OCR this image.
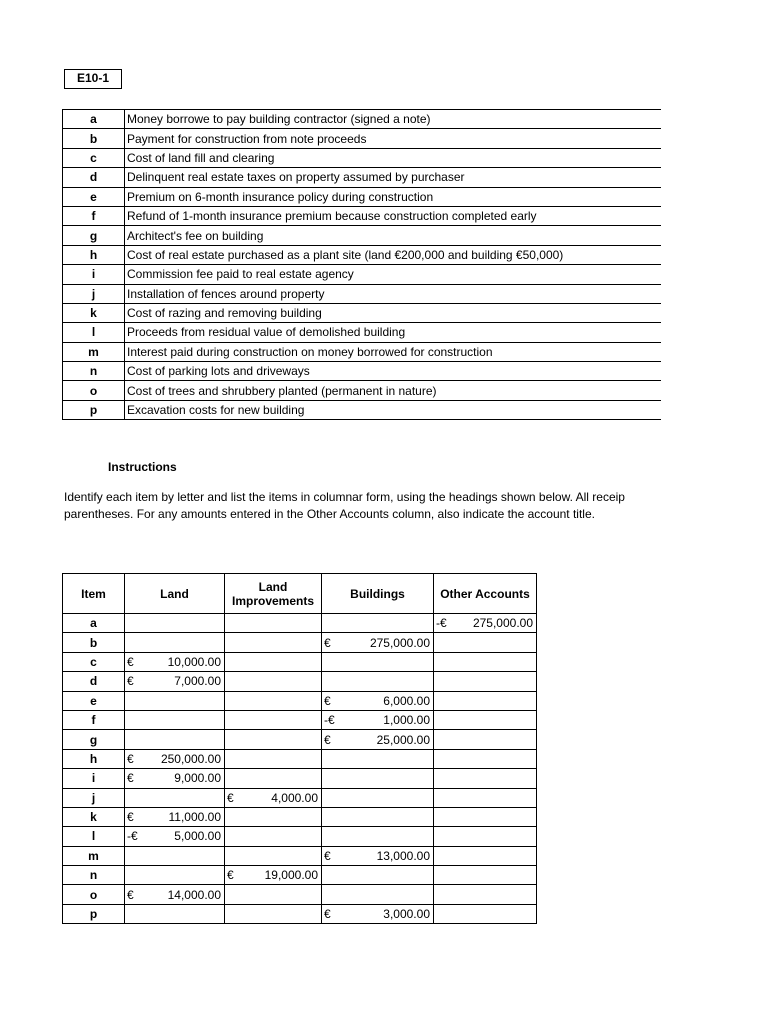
E10-1
a	Money borrowe to pay building contractor (signed a note)
b	Payment for construction from note proceeds
c	Cost of land fill and clearing
d	Delinquent real estate taxes on property assumed by purchaser
e	Premium on 6-month insurance policy during construction
f	Refund of 1-month insurance premium because construction completed early
g	Architect's fee on building
h	Cost of real estate purchased as a plant site (land €200,000 and building €50,000)
i	Commission fee paid to real estate agency
j	Installation of fences around property
k	Cost of razing and removing building
l	Proceeds from residual value of demolished building
m	Interest paid during construction on money borrowed for construction
n	Cost of parking lots and driveways
o	Cost of trees and shrubbery planted (permanent in nature)
p	Excavation costs for new building
Instructions
Identify each item by letter and list the items in columnar form, using the headings shown below. All receip
parentheses. For any amounts entered in the Other Accounts column, also indicate the account title.
Item	Land	Land Improvements	Buildings	Other Accounts
a				-€ 275,000.00

b			€ 275,000.00	

c	€ 10,000.00			

d	€ 7,000.00			

e			€ 6,000.00	

f			-€ 1,000.00	

g			€ 25,000.00	

h	€ 250,000.00			

i	€ 9,000.00			

j		€ 4,000.00		

k	€ 11,000.00			

l	-€ 5,000.00			

m			€ 13,000.00	

n		€ 19,000.00		

o	€ 14,000.00			

p			€ 3,000.00	
